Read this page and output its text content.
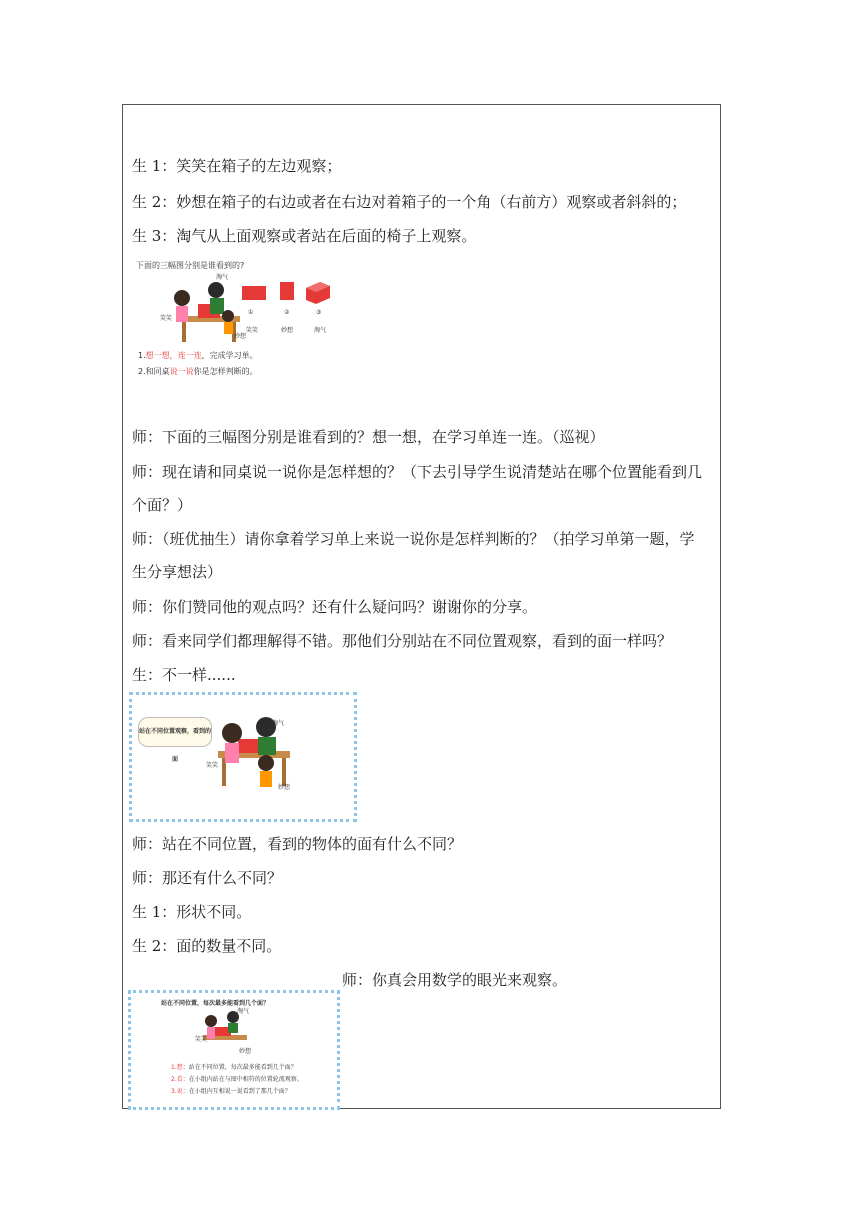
生 1：笑笑在箱子的左边观察；
生 2：妙想在箱子的右边或者在右边对着箱子的一个角（右前方）观察或者斜斜的；
生 3：淘气从上面观察或者站在后面的椅子上观察。
下面的三幅图分别是谁看到的?
淘气
笑笑
妙想
①	②	③
笑笑	妙想	淘气
1.想一想，连一连，完成学习单。
2.和同桌说一说你是怎样判断的。
师：下面的三幅图分别是谁看到的？想一想，在学习单连一连。（巡视）
师：现在请和同桌说一说你是怎样想的？（下去引导学生说清楚站在哪个位置能看到几
个面？）
师：（班优抽生）请你拿着学习单上来说一说你是怎样判断的？（拍学习单第一题，学
生分享想法）
师：你们赞同他的观点吗？还有什么疑问吗？谢谢你的分享。
师：看来同学们都理解得不错。那他们分别站在不同位置观察，看到的面一样吗？
生：不一样......
站在不同位置观察，看到的面
淘气
笑笑
妙想
师：站在不同位置，看到的物体的面有什么不同？
师：那还有什么不同？
生 1：形状不同。
生 2：面的数量不同。
师：你真会用数学的眼光来观察。
站在不同位置，每次最多能看到几个面？
淘气
笑笑
妙想
1.想：站在不同位置，每次最多能看到几个面？
2.看：在小组内站在与图中相符的位置轮流观察。
3.说：在小组内互相说一说看到了那几个面？
